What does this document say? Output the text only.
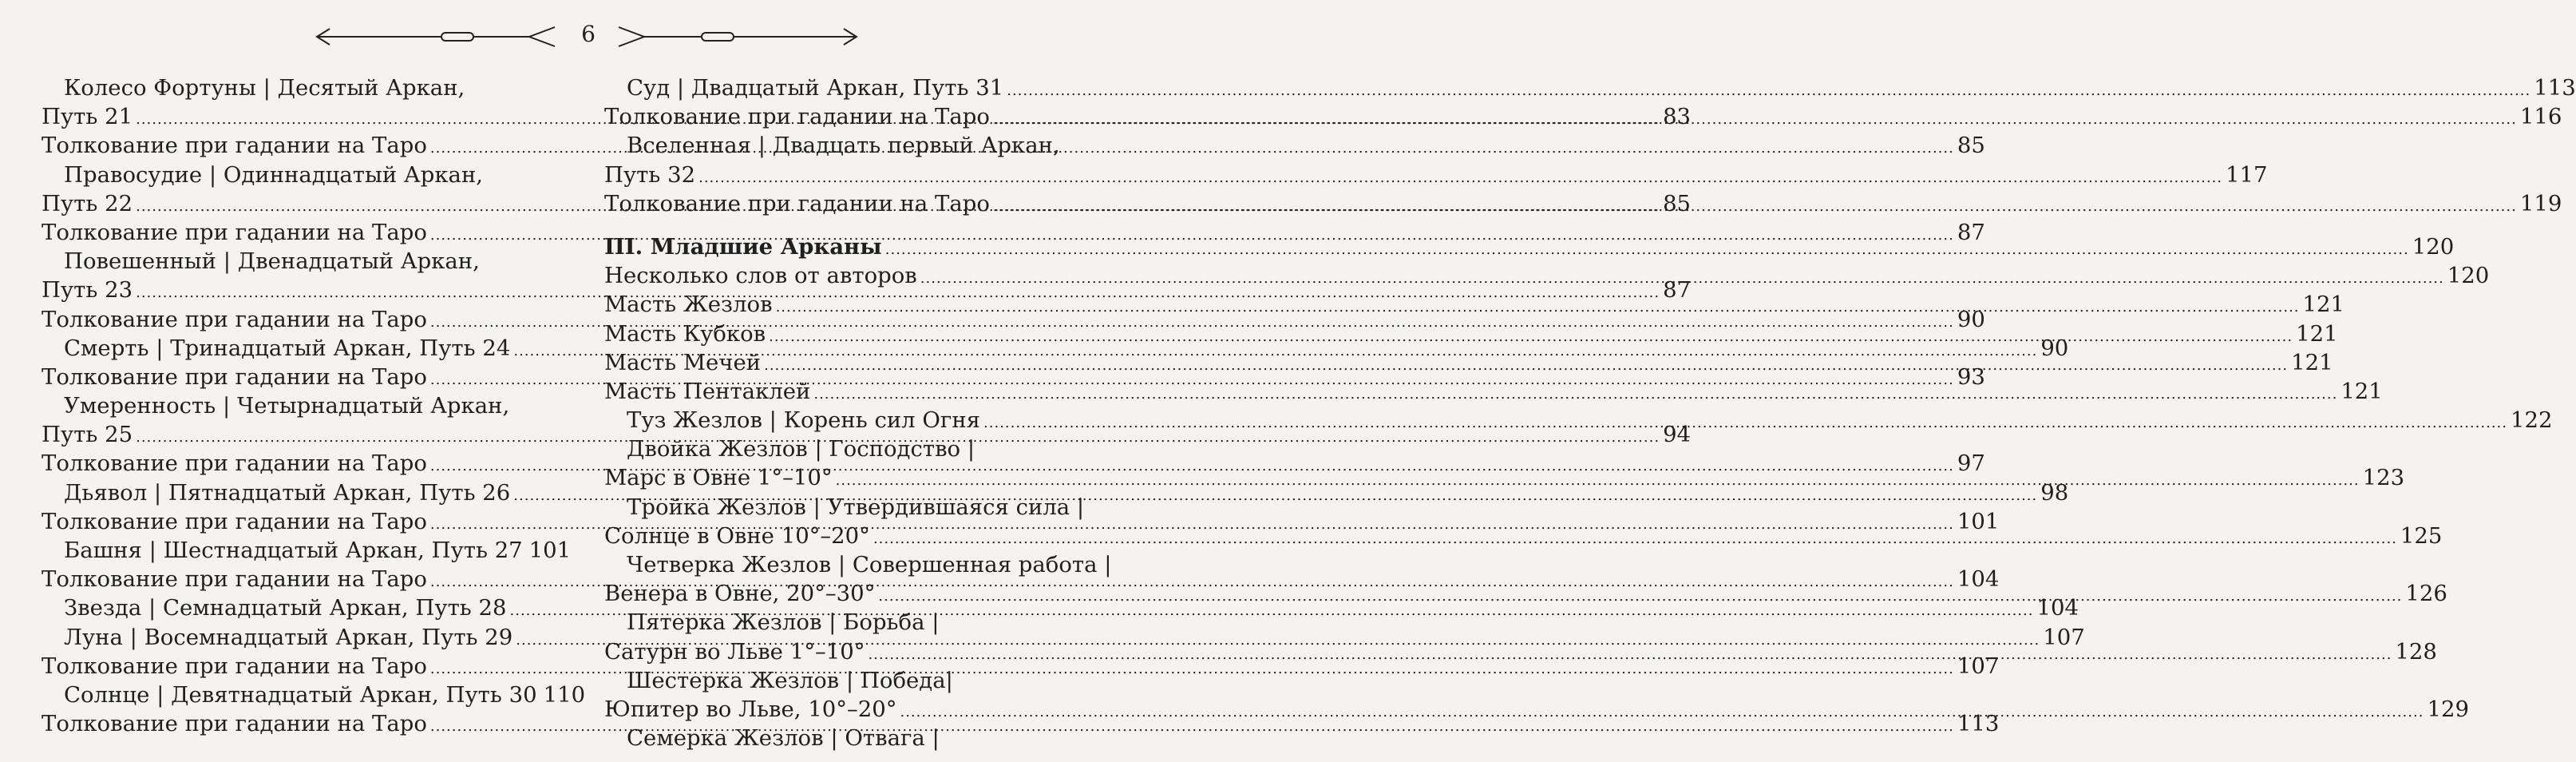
6
Колесо Фортуны | Десятый Аркан,
Путь 21 .....	83
Толкование при гадании на Таро .....	85
Правосудие | Одиннадцатый Аркан,
Путь 22 .....	85
Толкование при гадании на Таро .....	87
Повешенный | Двенадцатый Аркан,
Путь 23 .....	87
Толкование при гадании на Таро .....	90
Смерть | Тринадцатый Аркан, Путь 24 .....	90
Толкование при гадании на Таро .....	93
Умеренность | Четырнадцатый Аркан,
Путь 25 .....	94
Толкование при гадании на Таро .....	97
Дьявол | Пятнадцатый Аркан, Путь 26 .....	98
Толкование при гадании на Таро .....	101
Башня | Шестнадцатый Аркан, Путь 27 101
Толкование при гадании на Таро .....	104
Звезда | Семнадцатый Аркан, Путь 28 .....	104
Луна | Восемнадцатый Аркан, Путь 29 .....	107
Толкование при гадании на Таро .....	107
Солнце | Девятнадцатый Аркан, Путь 30 110
Толкование при гадании на Таро .....	113
Суд | Двадцатый Аркан, Путь 31 .....	113
Толкование при гадании на Таро .....	116
Вселенная | Двадцать первый Аркан,
Путь 32 .....	117
Толкование при гадании на Таро .....	119
III. Младшие Арканы .....	120
Несколько слов от авторов .....	120
Масть Жезлов .....	121
Масть Кубков .....	121
Масть Мечей .....	121
Масть Пентаклей .....	121
Туз Жезлов | Корень сил Огня .....	122
Двойка Жезлов | Господство |
Марс в Овне 1°–10° .....	123
Тройка Жезлов | Утвердившаяся сила |
Солнце в Овне 10°–20° .....	125
Четверка Жезлов | Совершенная работа |
Венера в Овне, 20°–30° .....	126
Пятерка Жезлов | Борьба |
Сатурн во Льве 1°–10° .....	128
Шестерка Жезлов | Победа|
Юпитер во Льве, 10°–20° .....	129
Семерка Жезлов | Отвага |
